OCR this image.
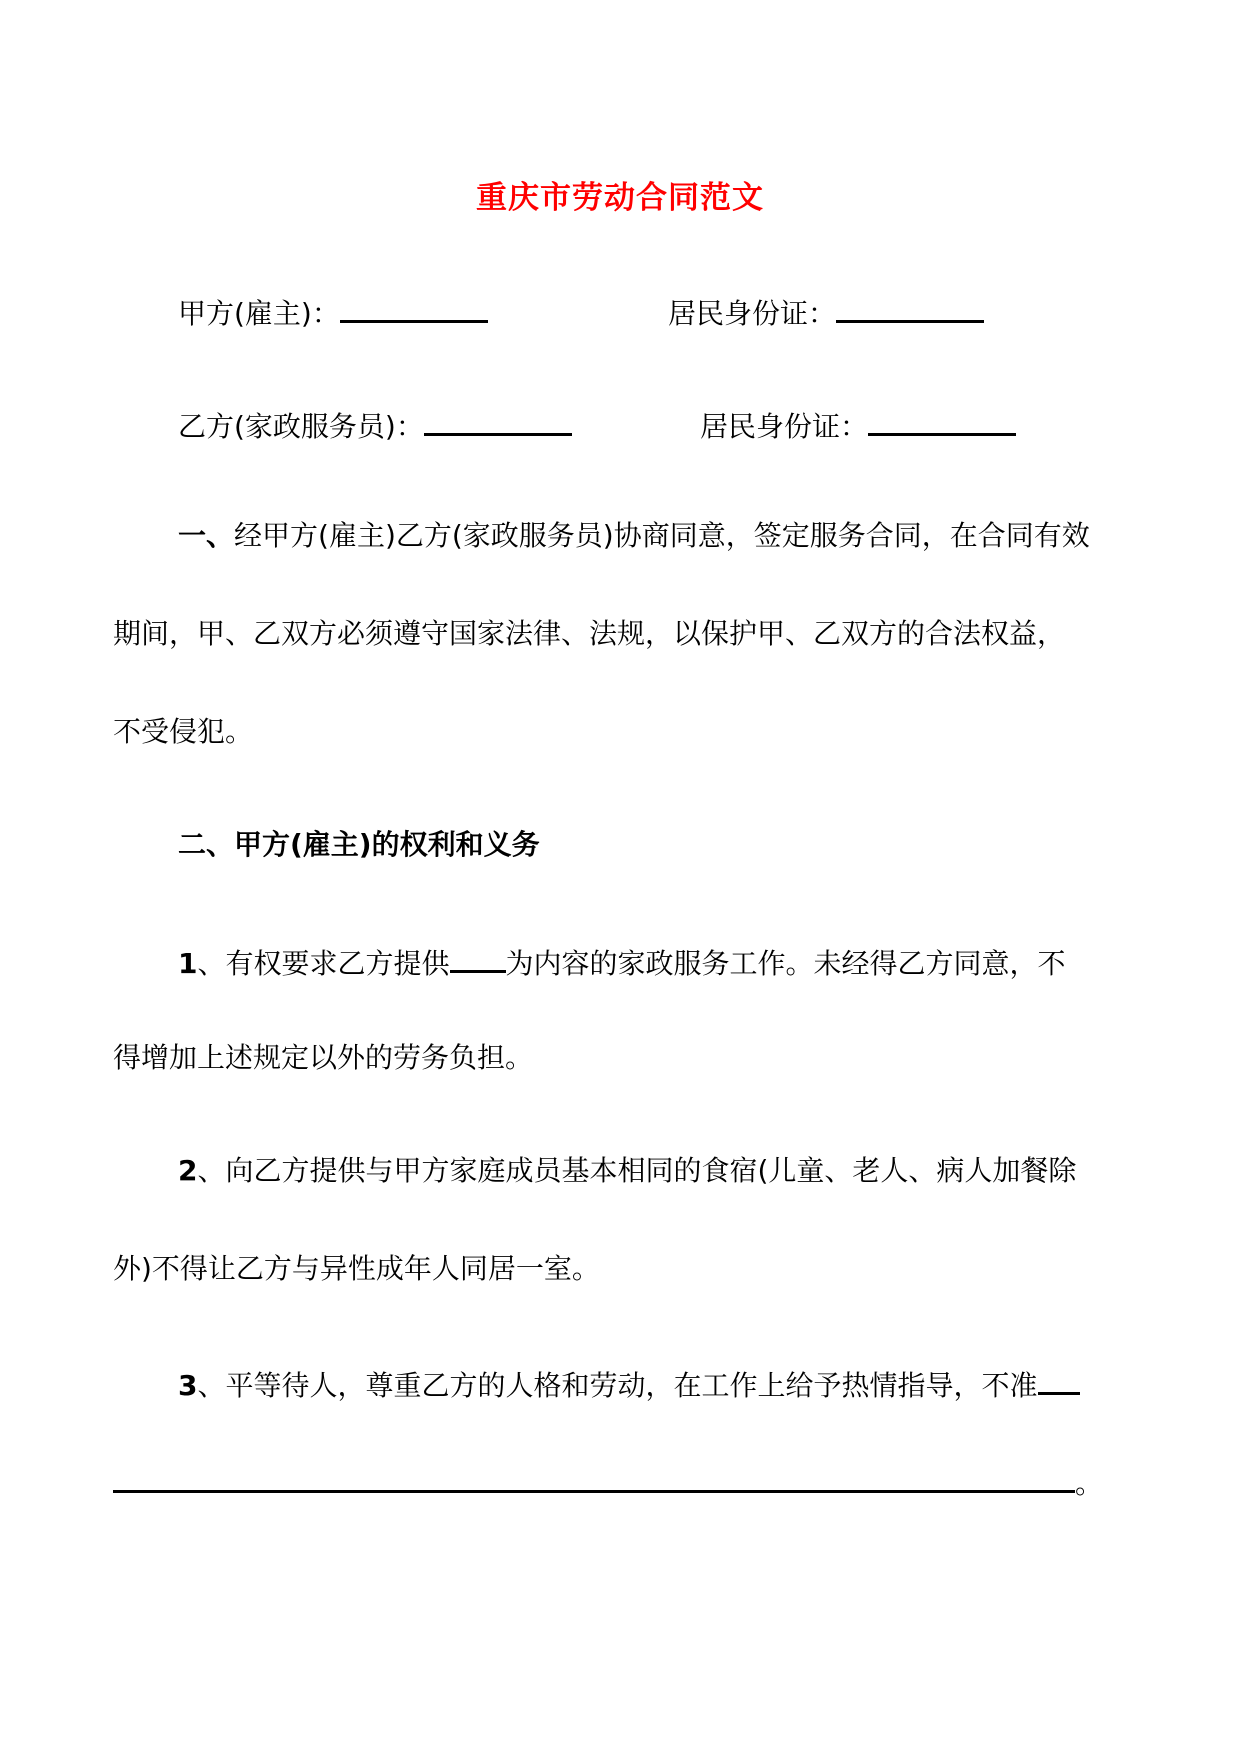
重庆市劳动合同范文
甲方(雇主)：	居民身份证：
乙方(家政服务员)：	居民身份证：
一、经甲方(雇主)乙方(家政服务员)协商同意，签定服务合同，在合同有效
期间，甲、乙双方必须遵守国家法律、法规，以保护甲、乙双方的合法权益，
不受侵犯。
二、甲方(雇主)的权利和义务
1、有权要求乙方提供 为内容的家政服务工作。未经得乙方同意，不
得增加上述规定以外的劳务负担。
2、向乙方提供与甲方家庭成员基本相同的食宿(儿童、老人、病人加餐除
外)不得让乙方与异性成年人同居一室。
3、平等待人，尊重乙方的人格和劳动，在工作上给予热情指导，不准
。
